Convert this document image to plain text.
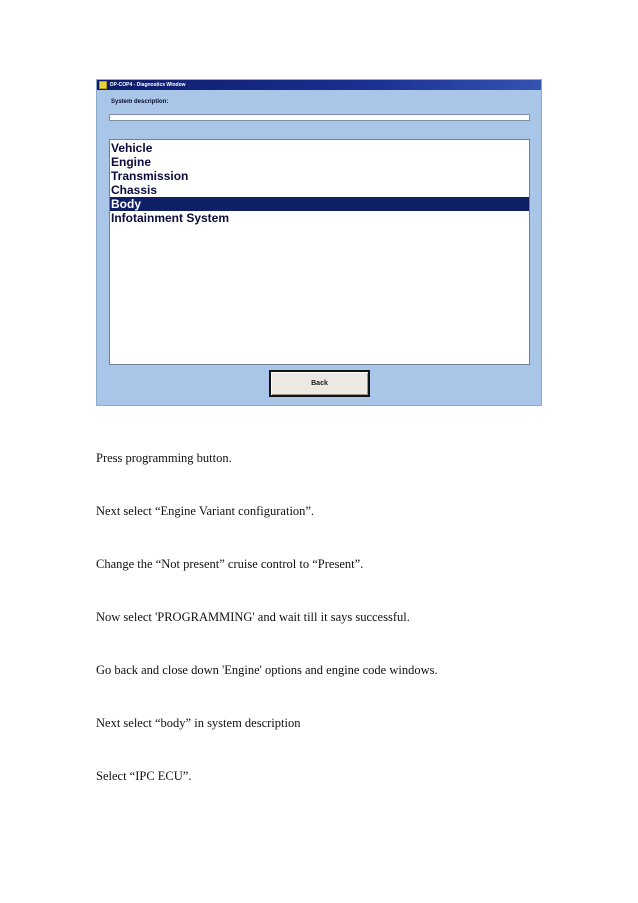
DP-COP4 - Diagnostics Window
System description:
Vehicle
Engine
Transmission
Chassis
Body
Infotainment System
Back

Press programming button.

Next select “Engine Variant configuration”.

Change the “Not present” cruise control to “Present”.

Now select 'PROGRAMMING' and wait till it says successful.

Go back and close down 'Engine' options and engine code windows.

Next select “body” in system description

Select “IPC ECU”.
